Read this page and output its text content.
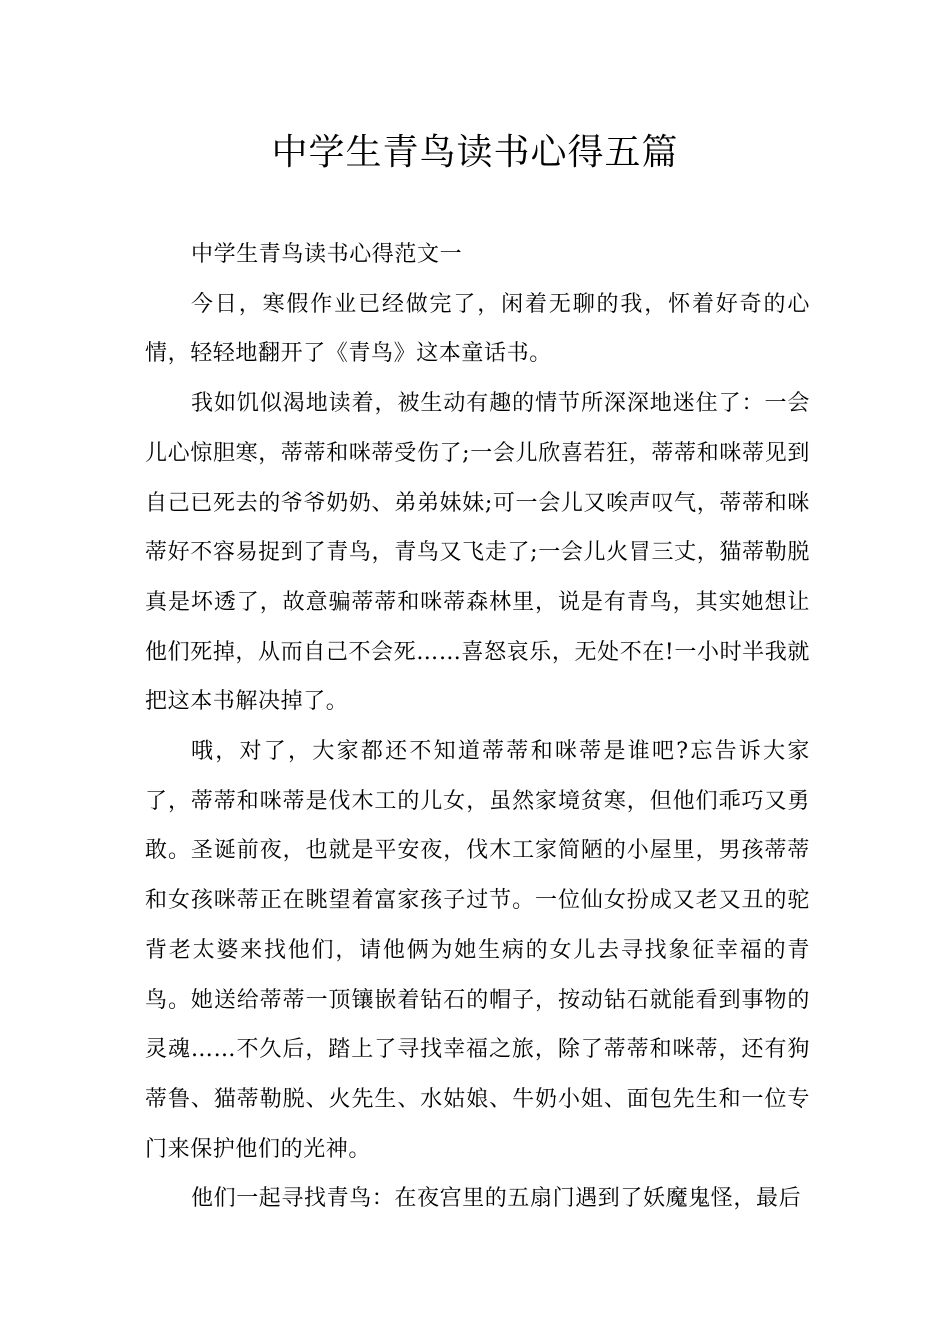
中学生青鸟读书心得五篇

中学生青鸟读书心得范文一

今日，寒假作业已经做完了，闲着无聊的我，怀着好奇的心情，轻轻地翻开了《青鸟》这本童话书。

我如饥似渴地读着，被生动有趣的情节所深深地迷住了：一会儿心惊胆寒，蒂蒂和咪蒂受伤了;一会儿欣喜若狂，蒂蒂和咪蒂见到自己已死去的爷爷奶奶、弟弟妹妹;可一会儿又唉声叹气，蒂蒂和咪蒂好不容易捉到了青鸟，青鸟又飞走了;一会儿火冒三丈，猫蒂勒脱真是坏透了，故意骗蒂蒂和咪蒂森林里，说是有青鸟，其实她想让他们死掉，从而自己不会死……喜怒哀乐，无处不在!一小时半我就把这本书解决掉了。

哦，对了，大家都还不知道蒂蒂和咪蒂是谁吧?忘告诉大家了，蒂蒂和咪蒂是伐木工的儿女，虽然家境贫寒，但他们乖巧又勇敢。圣诞前夜，也就是平安夜，伐木工家简陋的小屋里，男孩蒂蒂和女孩咪蒂正在眺望着富家孩子过节。一位仙女扮成又老又丑的驼背老太婆来找他们，请他俩为她生病的女儿去寻找象征幸福的青鸟。她送给蒂蒂一顶镶嵌着钻石的帽子，按动钻石就能看到事物的灵魂……不久后，踏上了寻找幸福之旅，除了蒂蒂和咪蒂，还有狗蒂鲁、猫蒂勒脱、火先生、水姑娘、牛奶小姐、面包先生和一位专门来保护他们的光神。

他们一起寻找青鸟：在夜宫里的五扇门遇到了妖魔鬼怪，最后
